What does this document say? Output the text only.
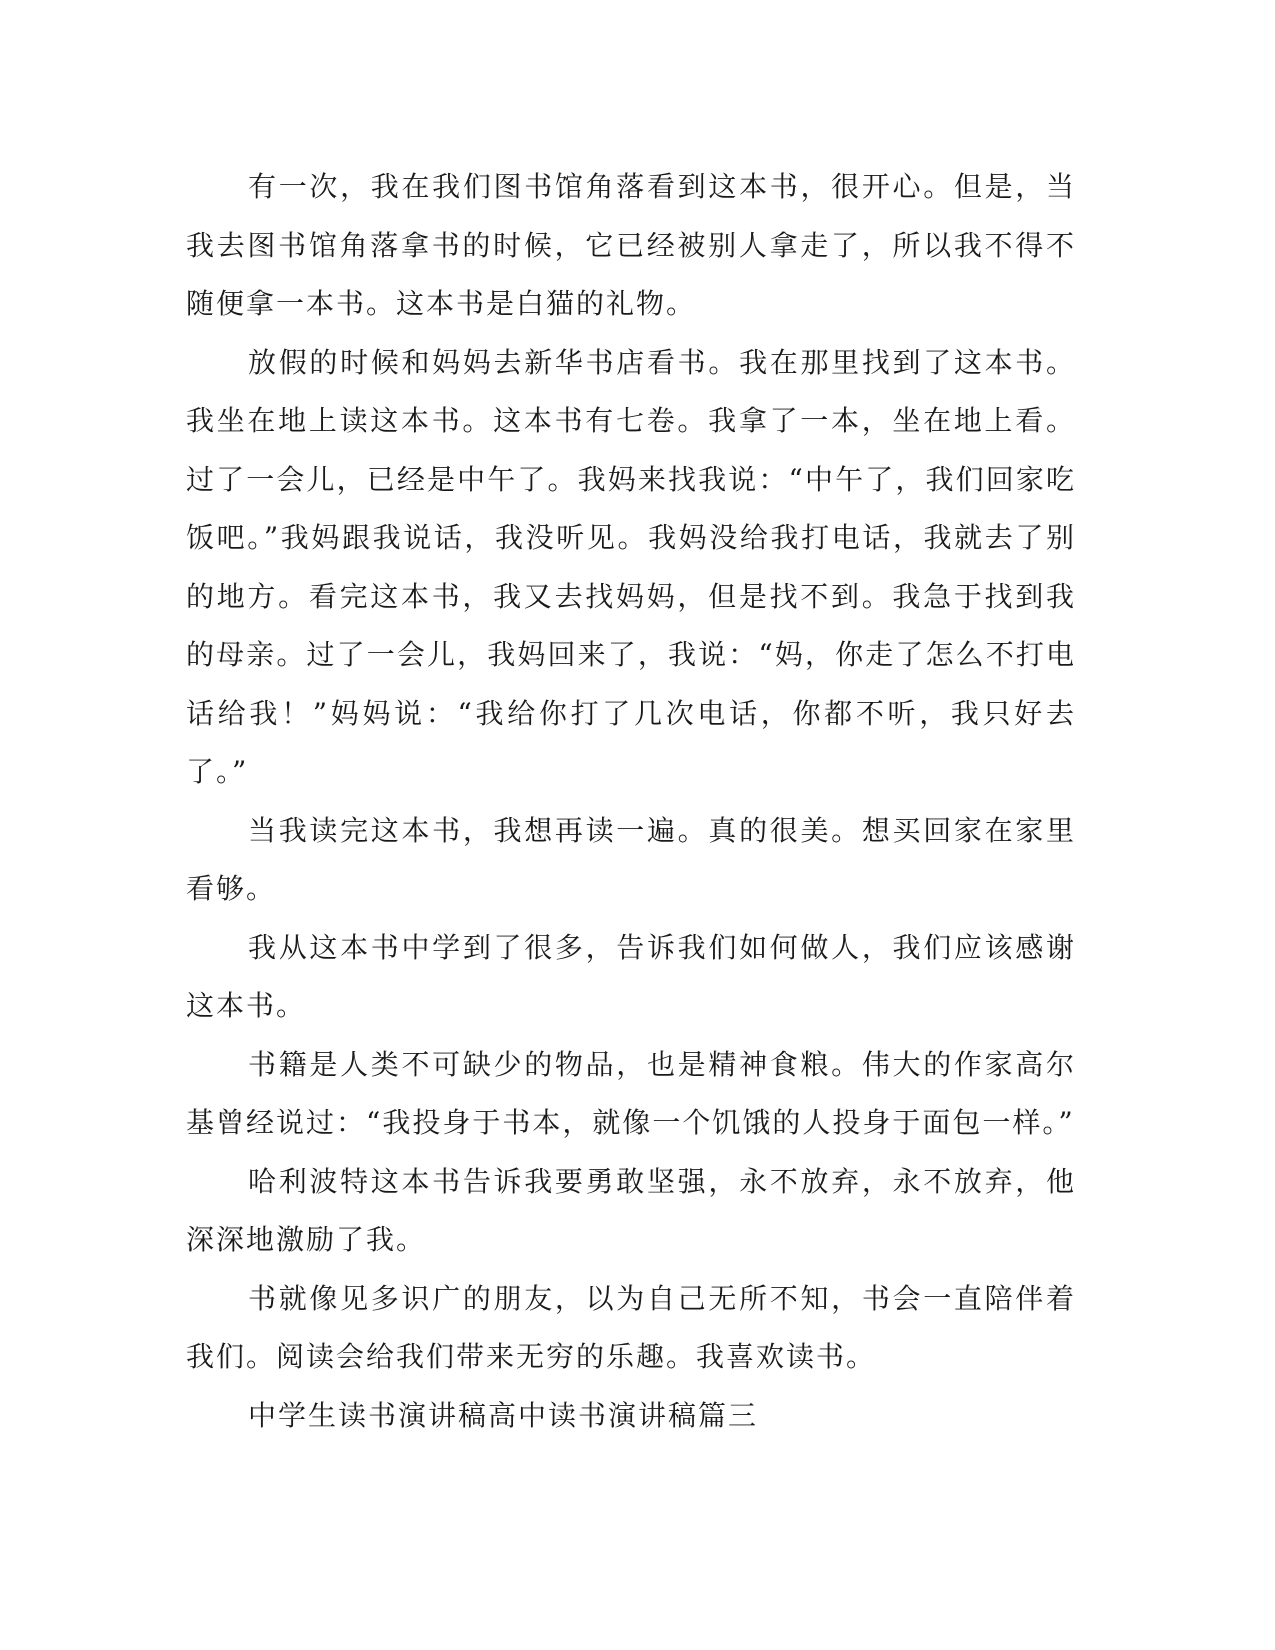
有一次，我在我们图书馆角落看到这本书，很开心。但是，当我去图书馆角落拿书的时候，它已经被别人拿走了，所以我不得不随便拿一本书。这本书是白猫的礼物。

放假的时候和妈妈去新华书店看书。我在那里找到了这本书。我坐在地上读这本书。这本书有七卷。我拿了一本，坐在地上看。过了一会儿，已经是中午了。我妈来找我说：“中午了，我们回家吃饭吧。”我妈跟我说话，我没听见。我妈没给我打电话，我就去了别的地方。看完这本书，我又去找妈妈，但是找不到。我急于找到我的母亲。过了一会儿，我妈回来了，我说：“妈，你走了怎么不打电话给我！”妈妈说：“我给你打了几次电话，你都不听，我只好去了。”

当我读完这本书，我想再读一遍。真的很美。想买回家在家里看够。

我从这本书中学到了很多，告诉我们如何做人，我们应该感谢这本书。

书籍是人类不可缺少的物品，也是精神食粮。伟大的作家高尔基曾经说过：“我投身于书本，就像一个饥饿的人投身于面包一样。”

哈利波特这本书告诉我要勇敢坚强，永不放弃，永不放弃，他深深地激励了我。

书就像见多识广的朋友，以为自己无所不知，书会一直陪伴着我们。阅读会给我们带来无穷的乐趣。我喜欢读书。

中学生读书演讲稿高中读书演讲稿篇三
